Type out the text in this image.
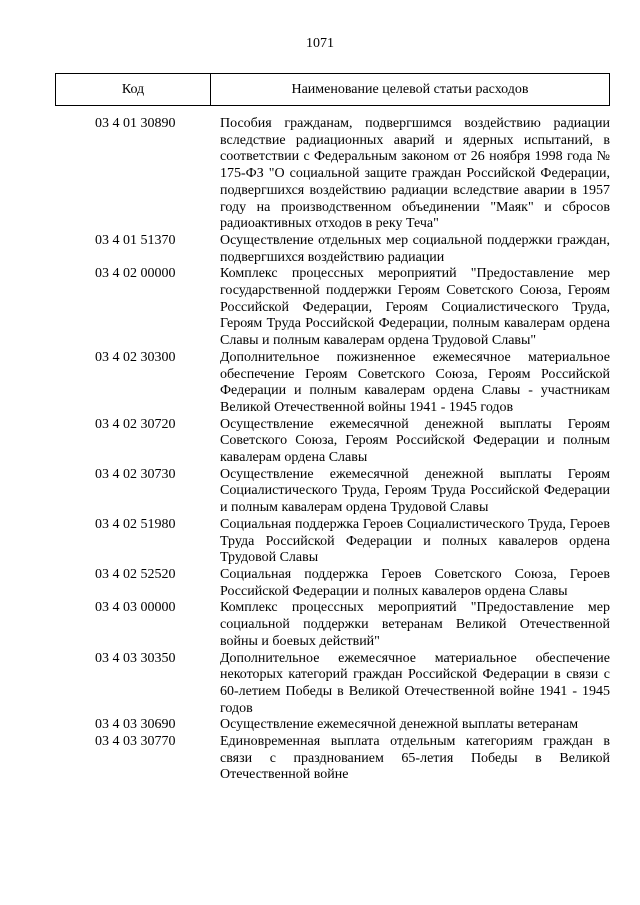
1071
Код	Наименование целевой статьи расходов
03 4 01 30890	Пособия гражданам, подвергшимся воздействию радиации вследствие радиационных аварий и ядерных испытаний, в соответствии с Федеральным законом от 26 ноября 1998 года № 175-ФЗ "О социальной защите граждан Российской Федерации, подвергшихся воздействию радиации вследствие аварии в 1957 году на производственном объединении "Маяк" и сбросов радиоактивных отходов в реку Теча"
03 4 01 51370	Осуществление отдельных мер социальной поддержки граждан, подвергшихся воздействию радиации
03 4 02 00000	Комплекс процессных мероприятий "Предоставление мер государственной поддержки Героям Советского Союза, Героям Российской Федерации, Героям Социалистического Труда, Героям Труда Российской Федерации, полным кавалерам ордена Славы и полным кавалерам ордена Трудовой Славы"
03 4 02 30300	Дополнительное пожизненное ежемесячное материальное обеспечение Героям Советского Союза, Героям Российской Федерации и полным кавалерам ордена Славы - участникам Великой Отечественной войны 1941 - 1945 годов
03 4 02 30720	Осуществление ежемесячной денежной выплаты Героям Советского Союза, Героям Российской Федерации и полным кавалерам ордена Славы
03 4 02 30730	Осуществление ежемесячной денежной выплаты Героям Социалистического Труда, Героям Труда Российской Федерации и полным кавалерам ордена Трудовой Славы
03 4 02 51980	Социальная поддержка Героев Социалистического Труда, Героев Труда Российской Федерации и полных кавалеров ордена Трудовой Славы
03 4 02 52520	Социальная поддержка Героев Советского Союза, Героев Российской Федерации и полных кавалеров ордена Славы
03 4 03 00000	Комплекс процессных мероприятий "Предоставление мер социальной поддержки ветеранам Великой Отечественной войны и боевых действий"
03 4 03 30350	Дополнительное ежемесячное материальное обеспечение некоторых категорий граждан Российской Федерации в связи с 60-летием Победы в Великой Отечественной войне 1941 - 1945 годов
03 4 03 30690	Осуществление ежемесячной денежной выплаты ветеранам
03 4 03 30770	Единовременная выплата отдельным категориям граждан в связи с празднованием 65-летия Победы в Великой Отечественной войне
